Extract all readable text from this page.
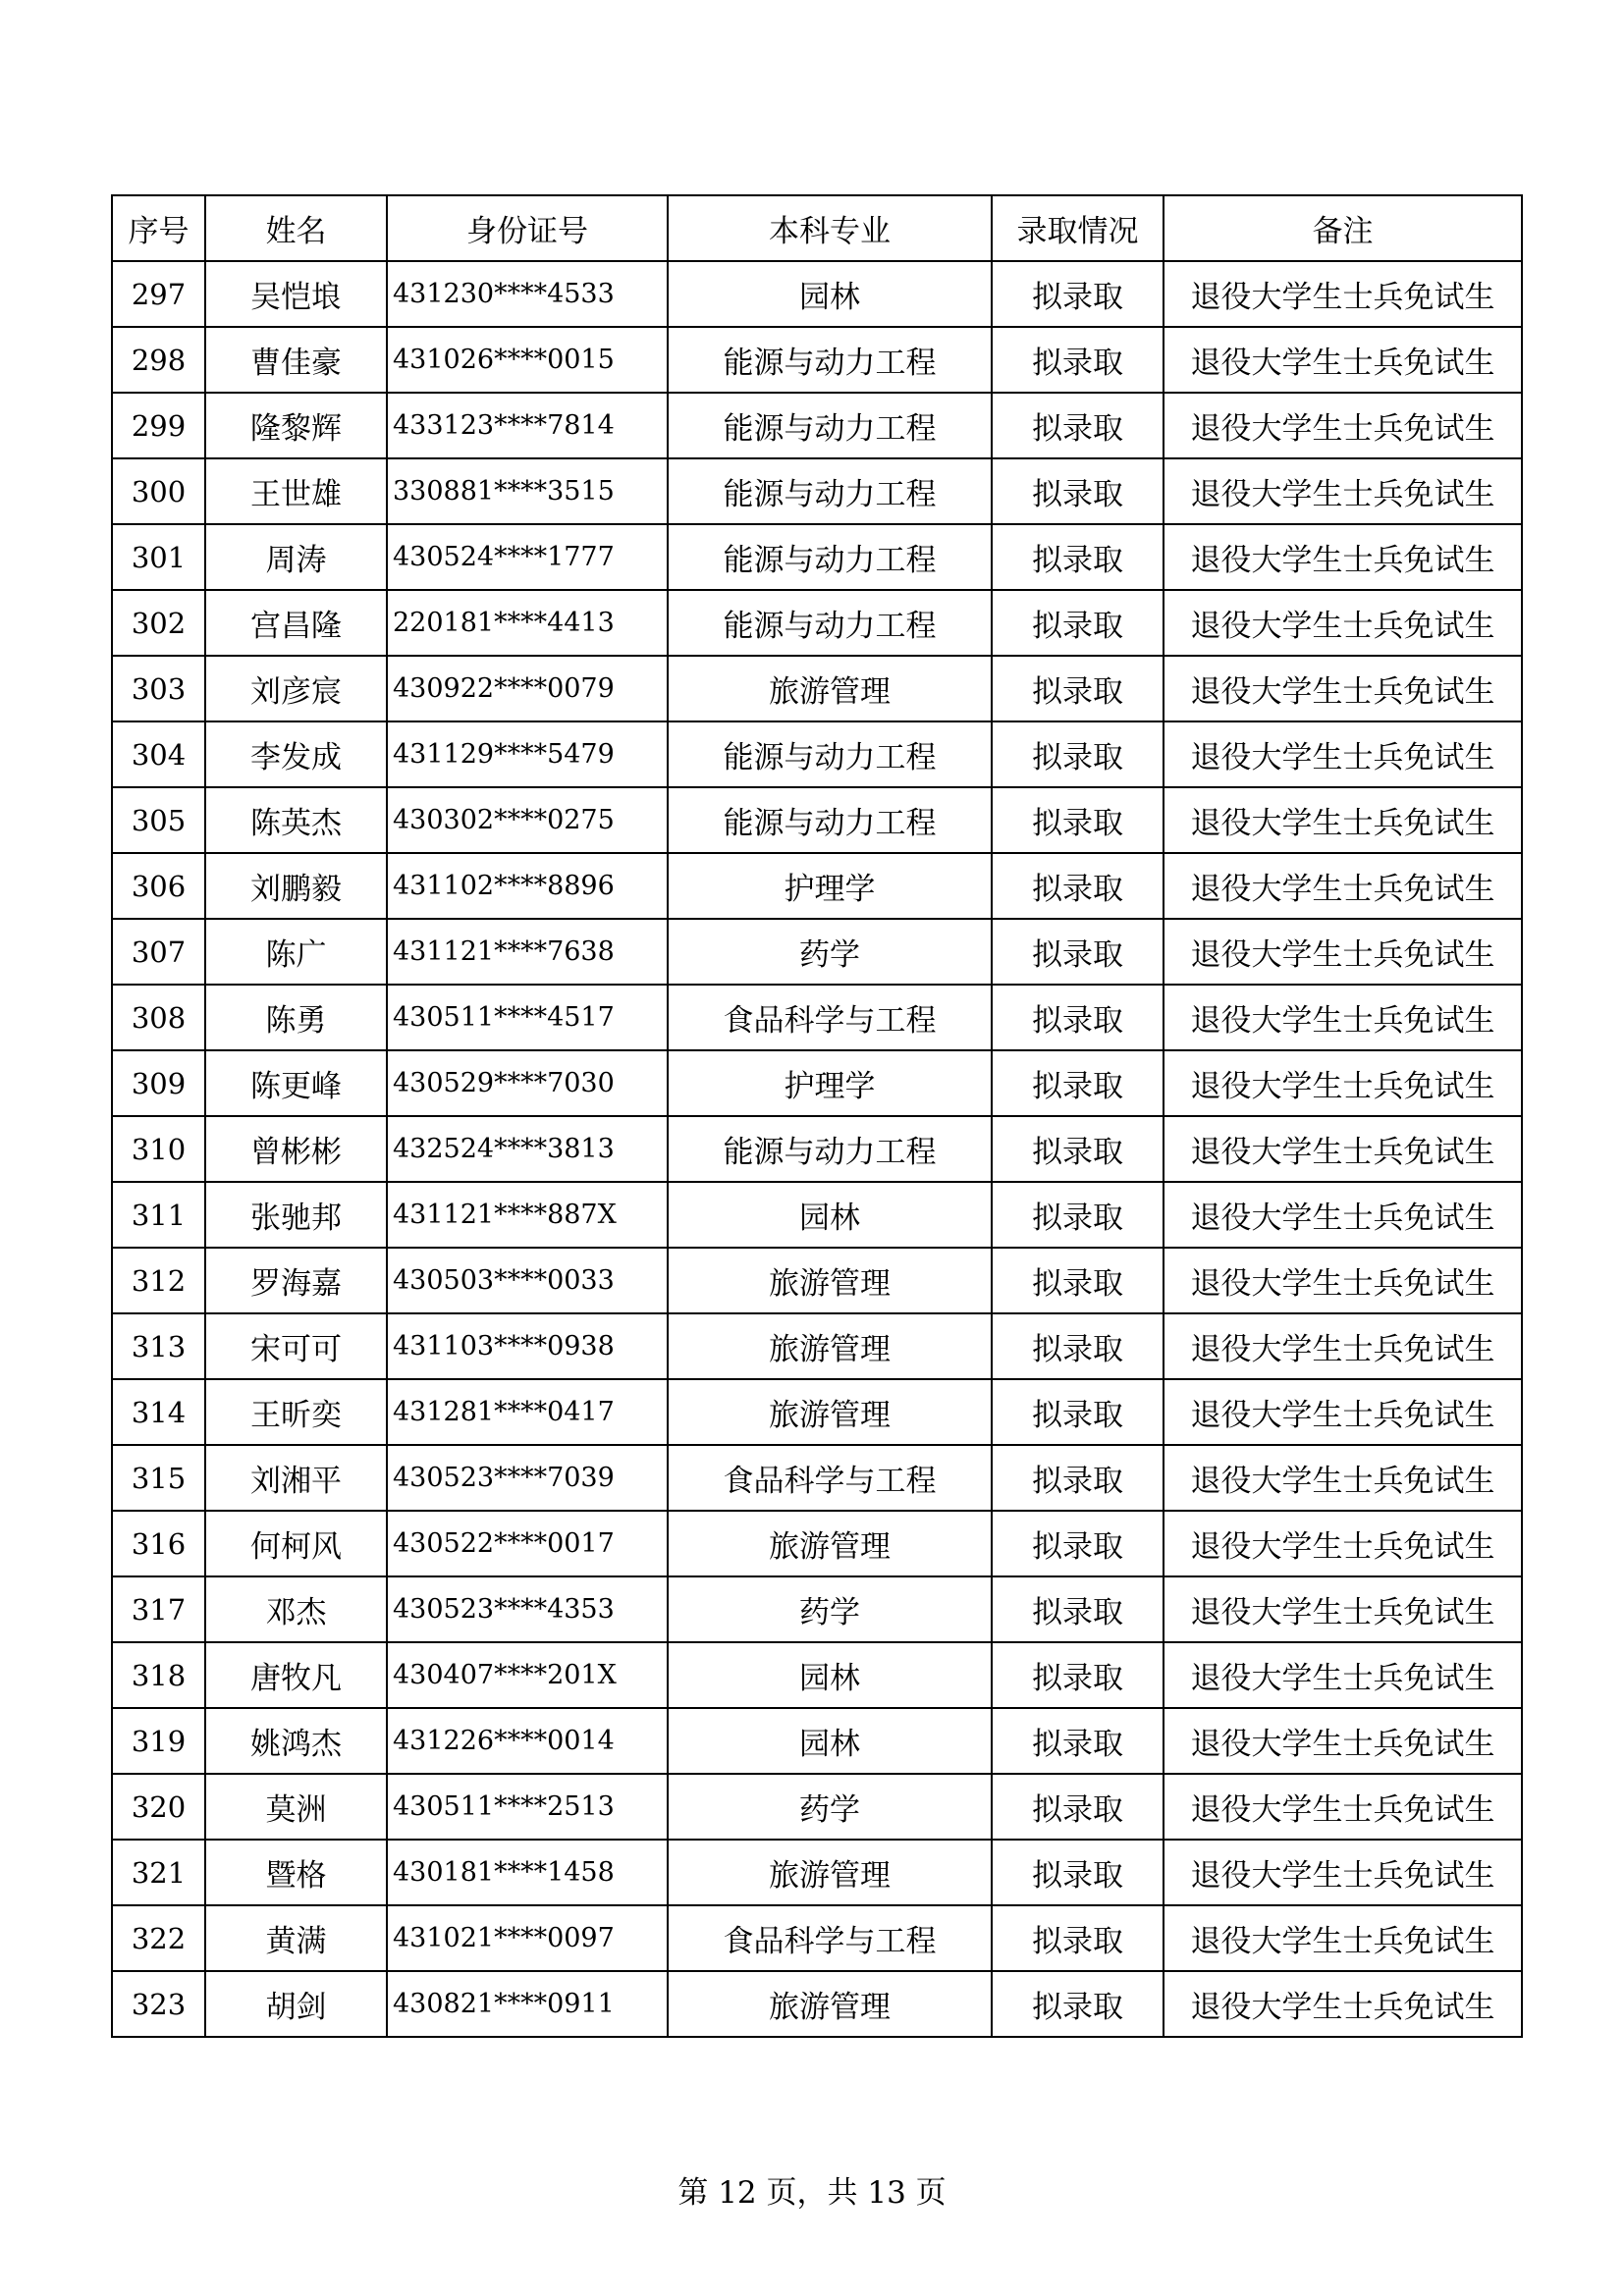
序号	姓名	身份证号	本科专业	录取情况	备注
297	吴恺埌	431230****4533	园林	拟录取	退役大学生士兵免试生
298	曹佳豪	431026****0015	能源与动力工程	拟录取	退役大学生士兵免试生
299	隆黎辉	433123****7814	能源与动力工程	拟录取	退役大学生士兵免试生
300	王世雄	330881****3515	能源与动力工程	拟录取	退役大学生士兵免试生
301	周涛	430524****1777	能源与动力工程	拟录取	退役大学生士兵免试生
302	宫昌隆	220181****4413	能源与动力工程	拟录取	退役大学生士兵免试生
303	刘彦宸	430922****0079	旅游管理	拟录取	退役大学生士兵免试生
304	李发成	431129****5479	能源与动力工程	拟录取	退役大学生士兵免试生
305	陈英杰	430302****0275	能源与动力工程	拟录取	退役大学生士兵免试生
306	刘鹏毅	431102****8896	护理学	拟录取	退役大学生士兵免试生
307	陈广	431121****7638	药学	拟录取	退役大学生士兵免试生
308	陈勇	430511****4517	食品科学与工程	拟录取	退役大学生士兵免试生
309	陈更峰	430529****7030	护理学	拟录取	退役大学生士兵免试生
310	曾彬彬	432524****3813	能源与动力工程	拟录取	退役大学生士兵免试生
311	张驰邦	431121****887X	园林	拟录取	退役大学生士兵免试生
312	罗海嘉	430503****0033	旅游管理	拟录取	退役大学生士兵免试生
313	宋可可	431103****0938	旅游管理	拟录取	退役大学生士兵免试生
314	王昕奕	431281****0417	旅游管理	拟录取	退役大学生士兵免试生
315	刘湘平	430523****7039	食品科学与工程	拟录取	退役大学生士兵免试生
316	何柯风	430522****0017	旅游管理	拟录取	退役大学生士兵免试生
317	邓杰	430523****4353	药学	拟录取	退役大学生士兵免试生
318	唐牧凡	430407****201X	园林	拟录取	退役大学生士兵免试生
319	姚鸿杰	431226****0014	园林	拟录取	退役大学生士兵免试生
320	莫洲	430511****2513	药学	拟录取	退役大学生士兵免试生
321	暨格	430181****1458	旅游管理	拟录取	退役大学生士兵免试生
322	黄满	431021****0097	食品科学与工程	拟录取	退役大学生士兵免试生
323	胡剑	430821****0911	旅游管理	拟录取	退役大学生士兵免试生
第 12 页，共 13 页
